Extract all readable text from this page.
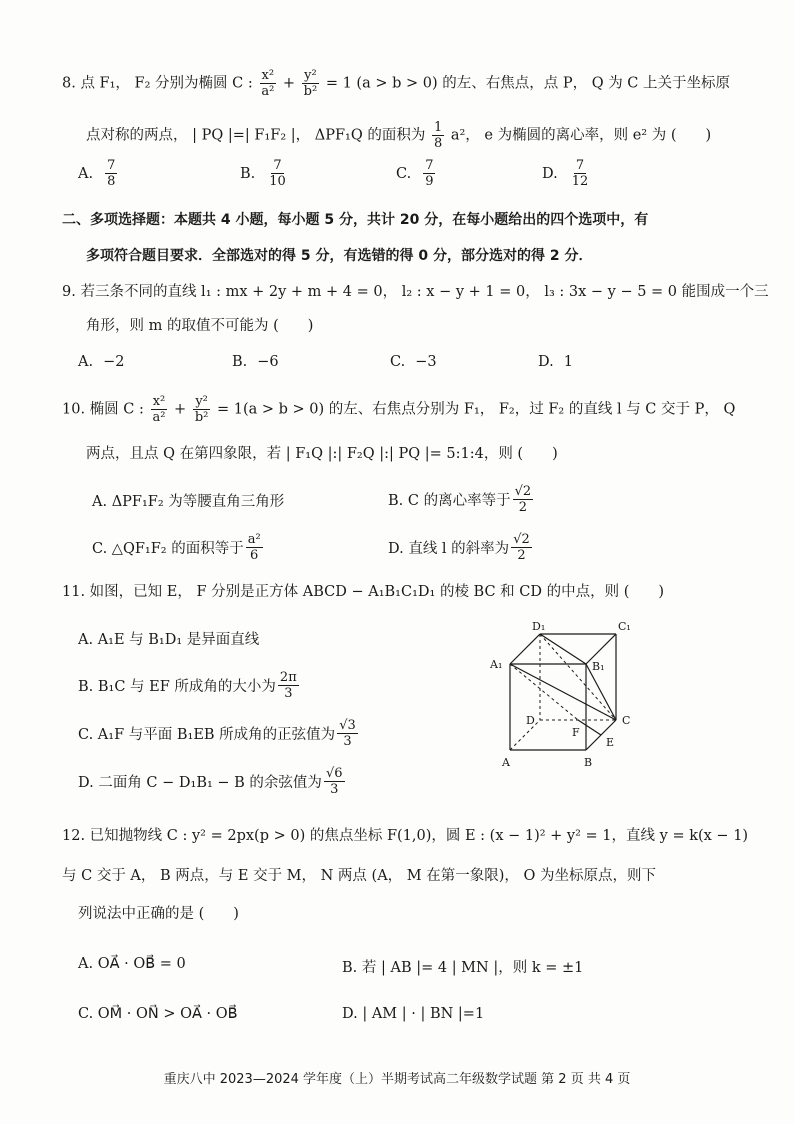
8. 点 F₁， F₂ 分别为椭圆 C : $\frac{\text{x²}}{\text{a²}} + \frac{\text{y²}}{\text{b²}} = 1$ (a > b > 0) 的左、右焦点，点 P， Q 为 C 上关于坐标原
点对称的两点， | PQ |=| F₁F₂ |， ΔPF₁Q 的面积为 $\frac{1}{8} a^2$， e 为椭圆的离心率，则 e² 为 (　　)
A. $\frac{7}{8}$	B. $\frac{7}{10}$	C. $\frac{7}{9}$	D. $\frac{7}{12}$
二、多项选择题：本题共 4 小题，每小题 5 分，共计 20 分，在每小题给出的四个选项中，有
多项符合题目要求．全部选对的得 5 分，有选错的得 0 分，部分选对的得 2 分．
9. 若三条不同的直线 l₁ : mx + 2y + m + 4 = 0， l₂ : x − y + 1 = 0， l₃ : 3x − y − 5 = 0 能围成一个三
角形，则 m 的取值不可能为 (　　)
A. −2	B. −6	C. −3	D. 1
10. 椭圆 C : $\frac{\text{x²}}{\text{a²}} + \frac{\text{y²}}{\text{b²}} = 1(a > b > 0)$ 的左、右焦点分别为 F₁， F₂，过 F₂ 的直线 l 与 C 交于 P， Q
两点，且点 Q 在第四象限，若 | F₁Q |:| F₂Q |:| PQ |= 5:1:4，则 (　　)
A. ΔPF₁F₂ 为等腰直角三角形	B. C 的离心率等于 $\frac{√2}{2}$
C. △QF₁F₂ 的面积等于 $\frac{\text{a²}}{6}$	D. 直线 l 的斜率为 $\frac{√2}{2}$
11. 如图，已知 E， F 分别是正方体 ABCD − A₁B₁C₁D₁ 的棱 BC 和 CD 的中点，则 (　　)
A. A₁E 与 B₁D₁ 是异面直线
B. B₁C 与 EF 所成角的大小为 $\frac{2\pi}{3}$
C. A₁F 与平面 B₁EB 所成角的正弦值为 $\frac{√3}{3}$
D. 二面角 C − D₁B₁ − B 的余弦值为 $\frac{√6}{3}$
D₁	C₁
A₁	B₁
D	C
F
E
A	B
12. 已知抛物线 C : y² = 2px(p > 0) 的焦点坐标 F(1,0)，圆 E : (x − 1)² + y² = 1，直线 y = k(x − 1)
与 C 交于 A， B 两点，与 E 交于 M， N 两点 (A， M 在第一象限)， O 为坐标原点，则下
列说法中正确的是 (　　)
A. OA⃗ · OB⃗ = 0	B. 若 | AB |= 4 | MN |，则 k = ±1
C. OM⃗ · ON⃗ > OA⃗ · OB⃗	D. | AM | · | BN |=1
重庆八中 2023—2024 学年度（上）半期考试高二年级数学试题 第 2 页 共 4 页
